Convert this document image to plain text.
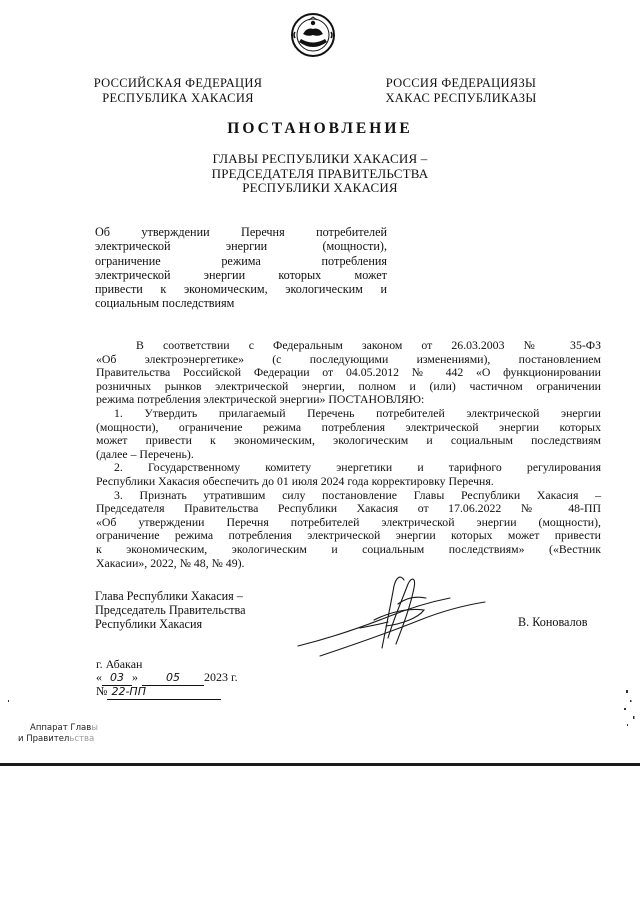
РОССИЙСКАЯ ФЕДЕРАЦИЯ
РЕСПУБЛИКА ХАКАСИЯ
РОССИЯ ФЕДЕРАЦИЯЗЫ
ХАКАС РЕСПУБЛИКАЗЫ
ПОСТАНОВЛЕНИЕ
ГЛАВЫ РЕСПУБЛИКИ ХАКАСИЯ –
ПРЕДСЕДАТЕЛЯ ПРАВИТЕЛЬСТВА
РЕСПУБЛИКИ ХАКАСИЯ
Об утверждении Перечня потребителей
электрической энергии (мощности),
ограничение режима потребления
электрической энергии которых может
привести к экономическим, экологическим и
социальным последствиям
В соответствии с Федеральным законом от 26.03.2003 № 35-ФЗ
«Об электроэнергетике» (с последующими изменениями), постановлением
Правительства Российской Федерации от 04.05.2012 № 442 «О функционировании
розничных рынков электрической энергии, полном и (или) частичном ограничении
режима потребления электрической энергии» ПОСТАНОВЛЯЮ:
1. Утвердить прилагаемый Перечень потребителей электрической энергии
(мощности), ограничение режима потребления электрической энергии которых
может привести к экономическим, экологическим и социальным последствиям
(далее – Перечень).
2. Государственному комитету энергетики и тарифного регулирования
Республики Хакасия обеспечить до 01 июля 2024 года корректировку Перечня.
3. Признать утратившим силу постановление Главы Республики Хакасия –
Председателя Правительства Республики Хакасия от 17.06.2022 № 48-ПП
«Об утверждении Перечня потребителей электрической энергии (мощности),
ограничение режима потребления электрической энергии которых может привести
к экономическим, экологическим и социальным последствиям» («Вестник
Хакасии», 2022, № 48, № 49).
Глава Республики Хакасия –
Председатель Правительства
Республики Хакасия	В. Коновалов
г. Абакан
« 03 »	05 2023 г.
№ 22-ПП
Аппарат Главы
и Правительства
